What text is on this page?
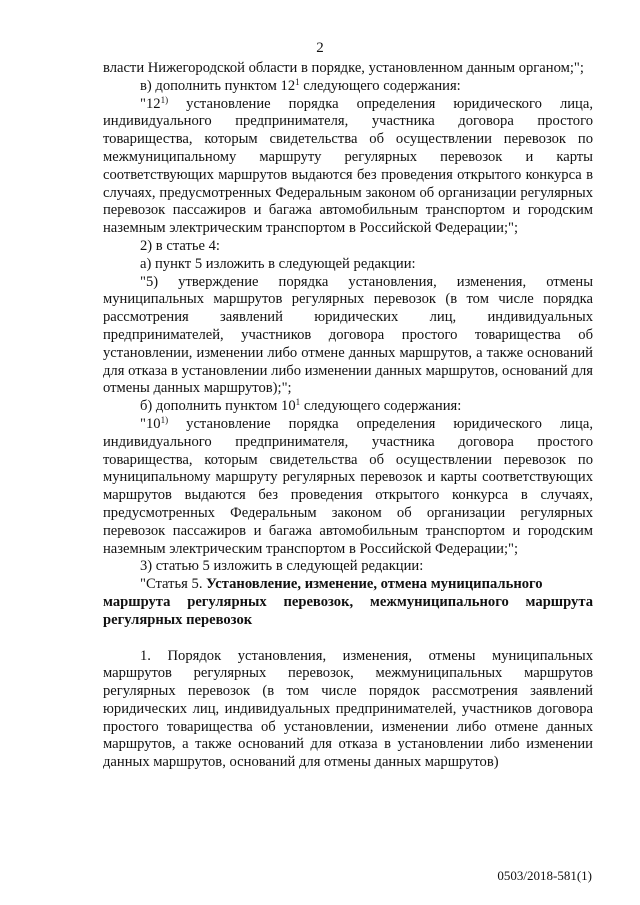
2

власти Нижегородской области в порядке, установленном данным органом;";

в) дополнить пунктом $12^1$ следующего содержания:

"12$^{1)}$ установление порядка определения юридического лица, индивидуального предпринимателя, участника договора простого товарищества, которым свидетельства об осуществлении перевозок по межмуниципальному маршруту регулярных перевозок и карты соответствующих маршрутов выдаются без проведения открытого конкурса в случаях, предусмотренных Федеральным законом об организации регулярных перевозок пассажиров и багажа автомобильным транспортом и городским наземным электрическим транспортом в Российской Федерации;";

2) в статье 4:

а) пункт 5 изложить в следующей редакции:

"5) утверждение порядка установления, изменения, отмены муниципальных маршрутов регулярных перевозок (в том числе порядка рассмотрения заявлений юридических лиц, индивидуальных предпринимателей, участников договора простого товарищества об установлении, изменении либо отмене данных маршрутов, а также оснований для отказа в установлении либо изменении данных маршрутов, оснований для отмены данных маршрутов);";

б) дополнить пунктом $10^1$ следующего содержания:

"10$^{1)}$ установление порядка определения юридического лица, индивидуального предпринимателя, участника договора простого товарищества, которым свидетельства об осуществлении перевозок по муниципальному маршруту регулярных перевозок и карты соответствующих маршрутов выдаются без проведения открытого конкурса в случаях, предусмотренных Федеральным законом об организации регулярных перевозок пассажиров и багажа автомобильным транспортом и городским наземным электрическим транспортом в Российской Федерации;";

3) статью 5 изложить в следующей редакции:

"Статья 5. Установление, изменение, отмена муниципального

маршрута регулярных перевозок, межмуниципального маршрута регулярных перевозок

1. Порядок установления, изменения, отмены муниципальных маршрутов регулярных перевозок, межмуниципальных маршрутов регулярных перевозок (в том числе порядок рассмотрения заявлений юридических лиц, индивидуальных предпринимателей, участников договора простого товарищества об установлении, изменении либо отмене данных маршрутов, а также оснований для отказа в установлении либо изменении данных маршрутов, оснований для отмены данных маршрутов)

0503/2018-581(1)
